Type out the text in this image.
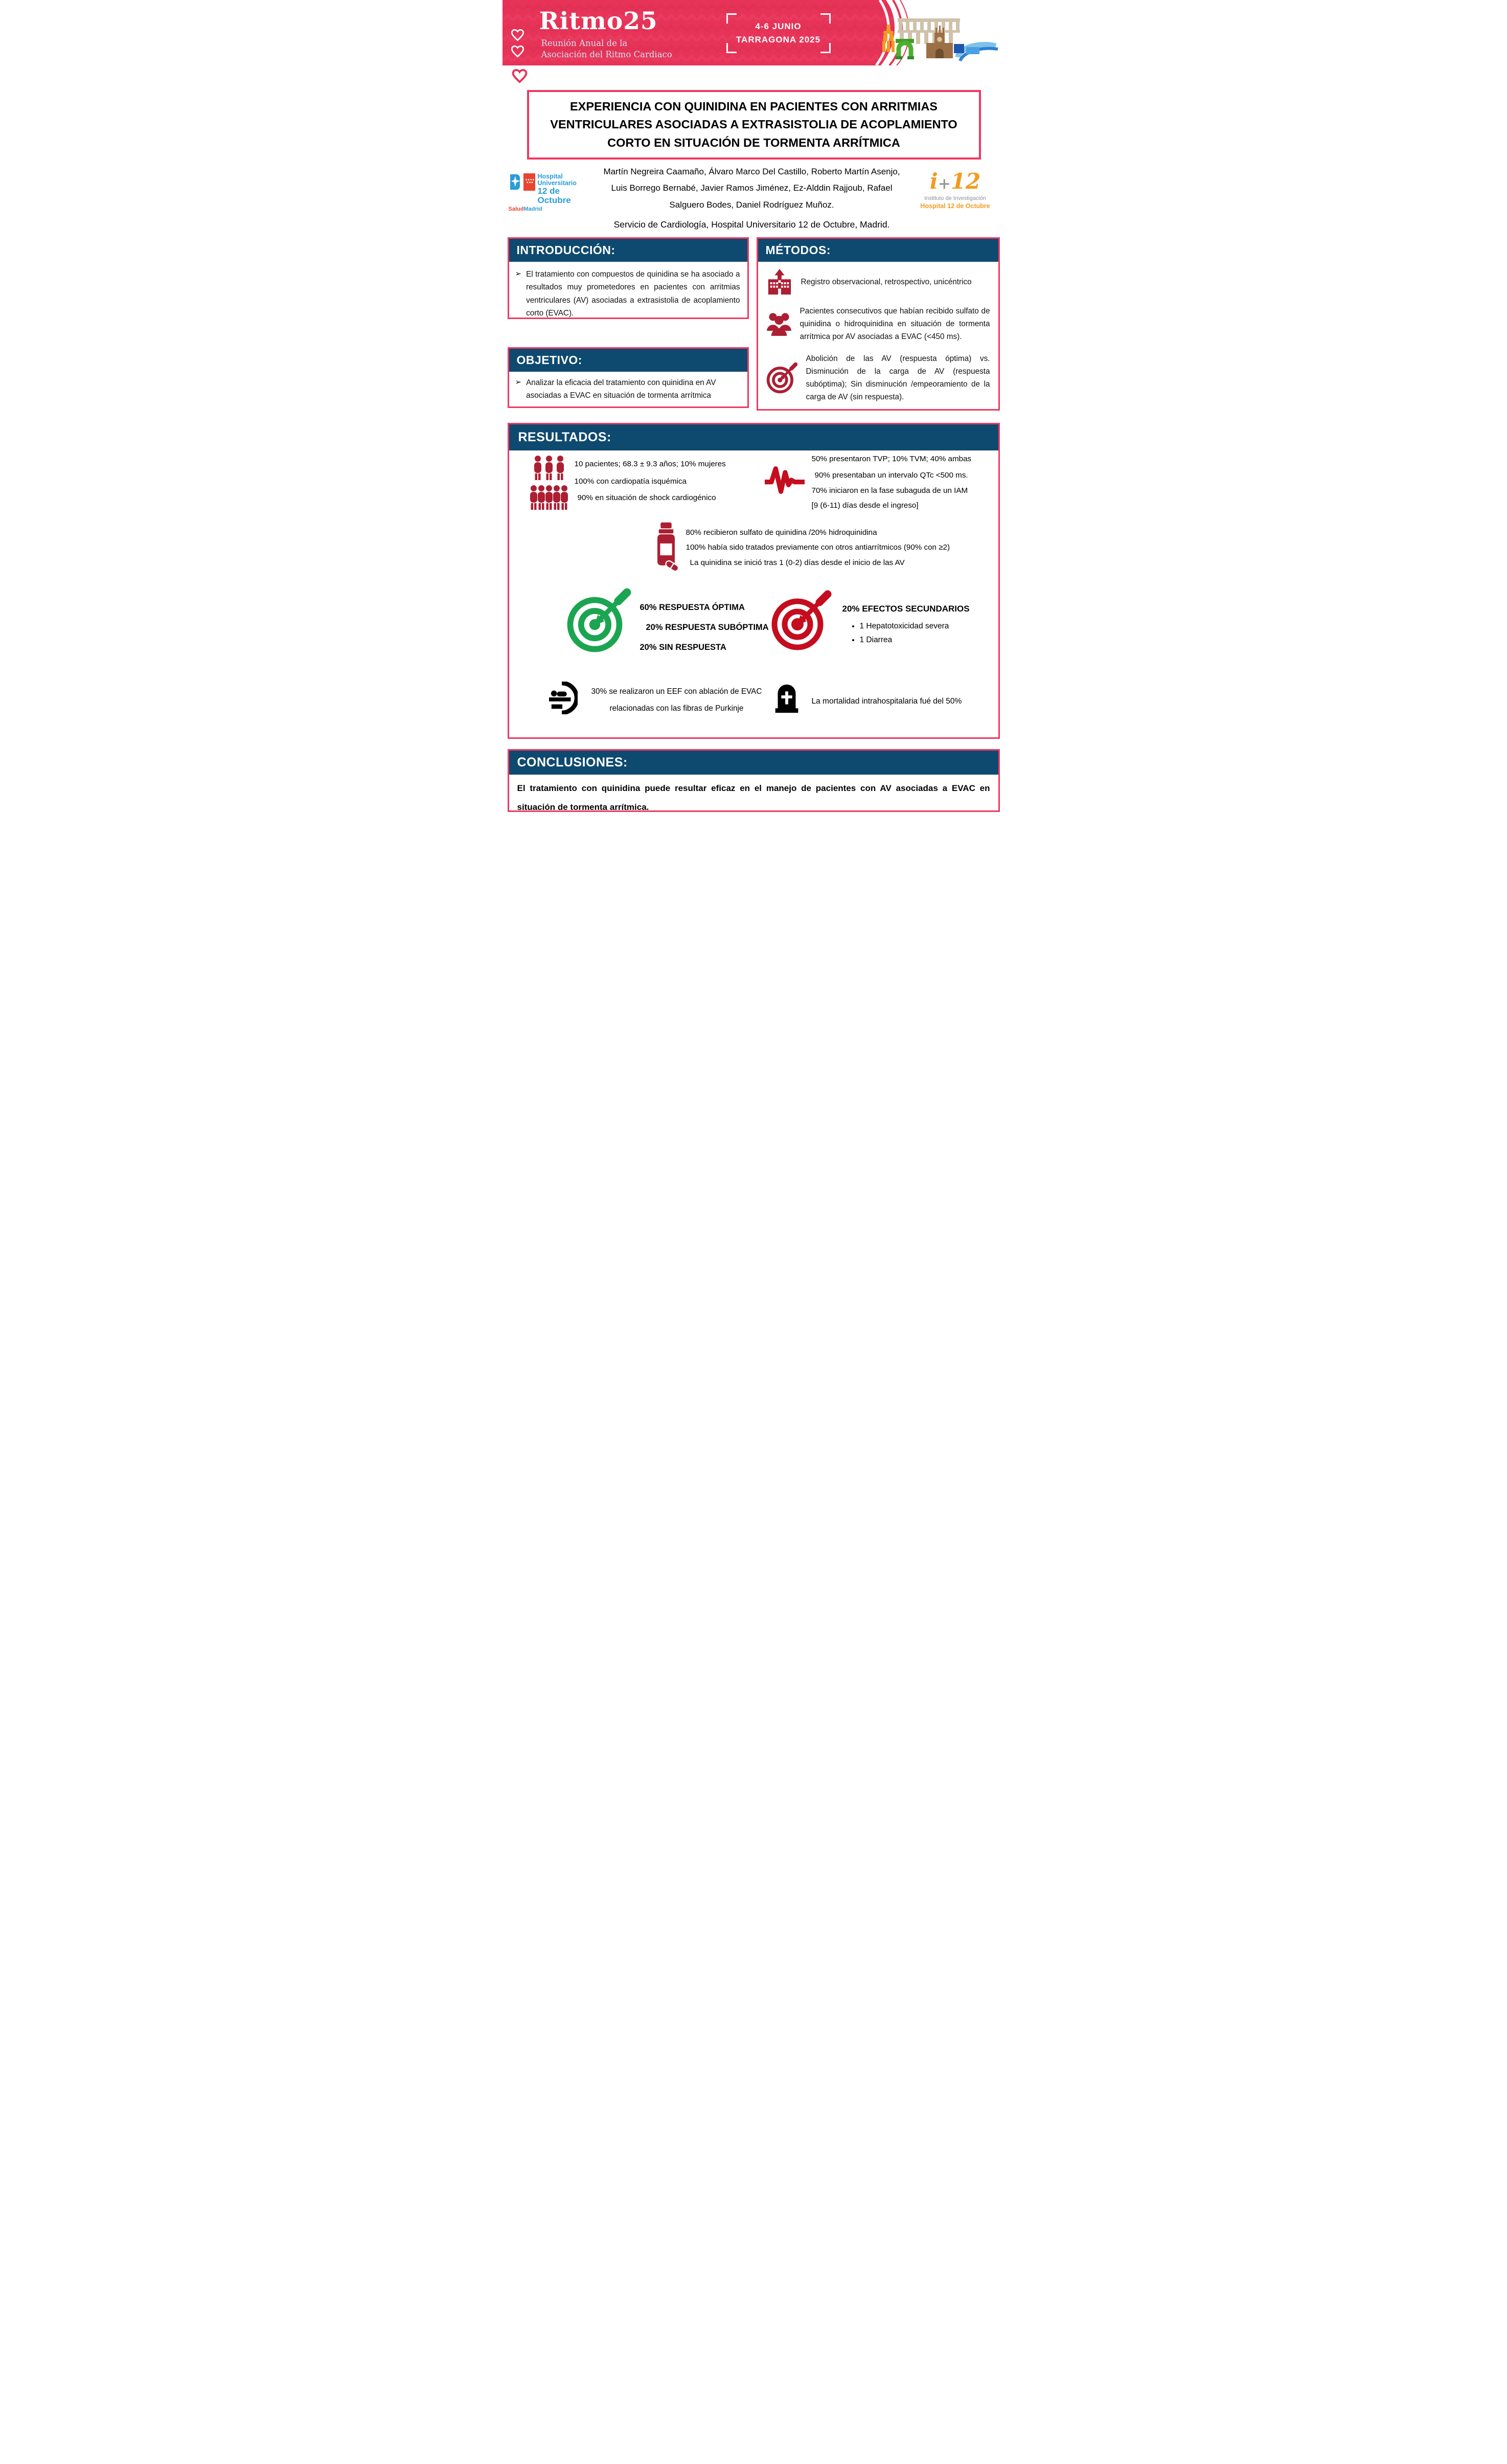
Ritmo25
Reunión Anual de la
Asociación del Ritmo Cardiaco
4-6 JUNIO
TARRAGONA 2025
EXPERIENCIA CON QUINIDINA EN PACIENTES CON ARRITMIAS VENTRICULARES ASOCIADAS A EXTRASISTOLIA DE ACOPLAMIENTO CORTO EN SITUACIÓN DE TORMENTA ARRÍTMICA
Hospital Universitario
12 de Octubre
SaludMadrid
Martín Negreira Caamaño, Álvaro Marco Del Castillo, Roberto Martín Asenjo,
Luis Borrego Bernabé, Javier Ramos Jiménez, Ez-Alddin Rajjoub, Rafael
Salguero Bodes, Daniel Rodríguez Muñoz.
Servicio de Cardiología, Hospital Universitario 12 de Octubre, Madrid.
i+12
Instituto de Investigación
Hospital 12 de Octubre
INTRODUCCIÓN:
➢ El tratamiento con compuestos de quinidina se ha asociado a resultados muy prometedores en pacientes con arritmias ventriculares (AV) asociadas a extrasistolia de acoplamiento corto (EVAC).
OBJETIVO:
➢ Analizar la eficacia del tratamiento con quinidina en AV asociadas a EVAC en situación de tormenta arrítmica
MÉTODOS:
Registro observacional, retrospectivo, unicéntrico
Pacientes consecutivos que habían recibido sulfato de quinidina o hidroquinidina en situación de tormenta arrítmica por AV asociadas a EVAC (<450 ms).
Abolición de las AV (respuesta óptima) vs. Disminución de la carga de AV (respuesta subóptima); Sin disminución /empeoramiento de la carga de AV (sin respuesta).
RESULTADOS:
10 pacientes; 68.3 ± 9.3 años; 10% mujeres
100% con cardiopatía isquémica
90% en situación de shock cardiogénico
50% presentaron TVP; 10% TVM; 40% ambas
90% presentaban un intervalo QTc <500 ms.
70% iniciaron en la fase subaguda de un IAM
[9 (6-11) días desde el ingreso]
80% recibieron sulfato de quinidina /20% hidroquinidina
100% había sido tratados previamente con otros antiarrítmicos (90% con ≥2)
La quinidina se inició tras 1 (0-2) días desde el inicio de las AV
60% RESPUESTA ÓPTIMA
20% RESPUESTA SUBÓPTIMA
20% SIN RESPUESTA
20% EFECTOS SECUNDARIOS
• 1 Hepatotoxicidad severa
• 1 Diarrea
30% se realizaron un EEF con ablación de EVAC
relacionadas con las fibras de Purkinje
La mortalidad intrahospitalaria fué del 50%
CONCLUSIONES:
El tratamiento con quinidina puede resultar eficaz en el manejo de pacientes con AV asociadas a EVAC en situación de tormenta arrítmica.
